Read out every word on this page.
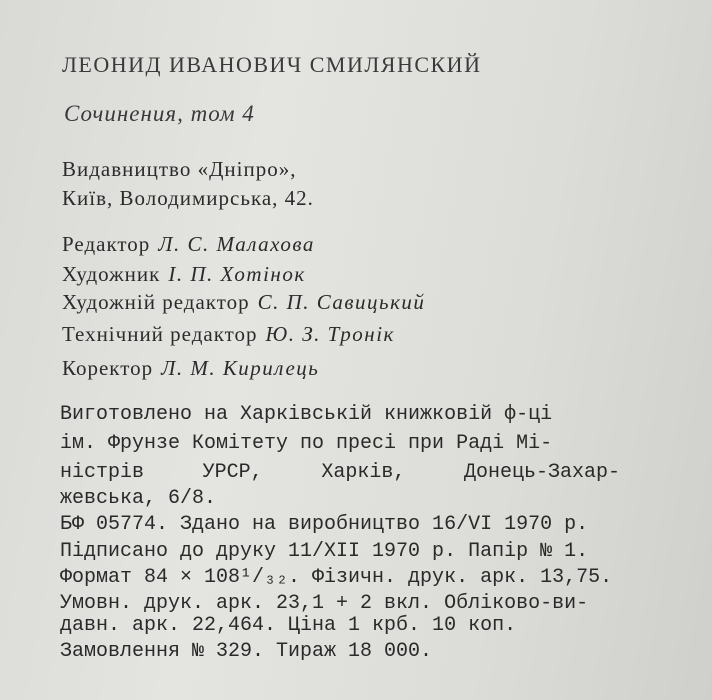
ЛЕОНИД ИВАНОВИЧ СМИЛЯНСКИЙ
Сочинения, том 4
Видавництво «Дніпро»,
Київ, Володимирська, 42.
Редактор Л. С. Малахова
Художник І. П. Хотінок
Художній редактор С. П. Савицький
Технічний редактор Ю. З. Тронік
Коректор Л. М. Кирилець
Виготовлено на Харківській книжковій ф-ці
ім. Фрунзе Комітету по пресі при Раді Мі-
ністрів	УРСР,	Харків,	Донець-Захар-
жевська, 6/8.
БФ 05774. Здано на виробництво 16/VI 1970 р.
Підписано до друку 11/XII 1970 р. Папір № 1.
Формат 84 × 108¹/₃₂. Фізичн. друк. арк. 13,75.
Умовн. друк. арк. 23,1 + 2 вкл. Обліково-ви-
давн. арк. 22,464. Ціна 1 крб. 10 коп.
Замовлення № 329. Тираж 18 000.
